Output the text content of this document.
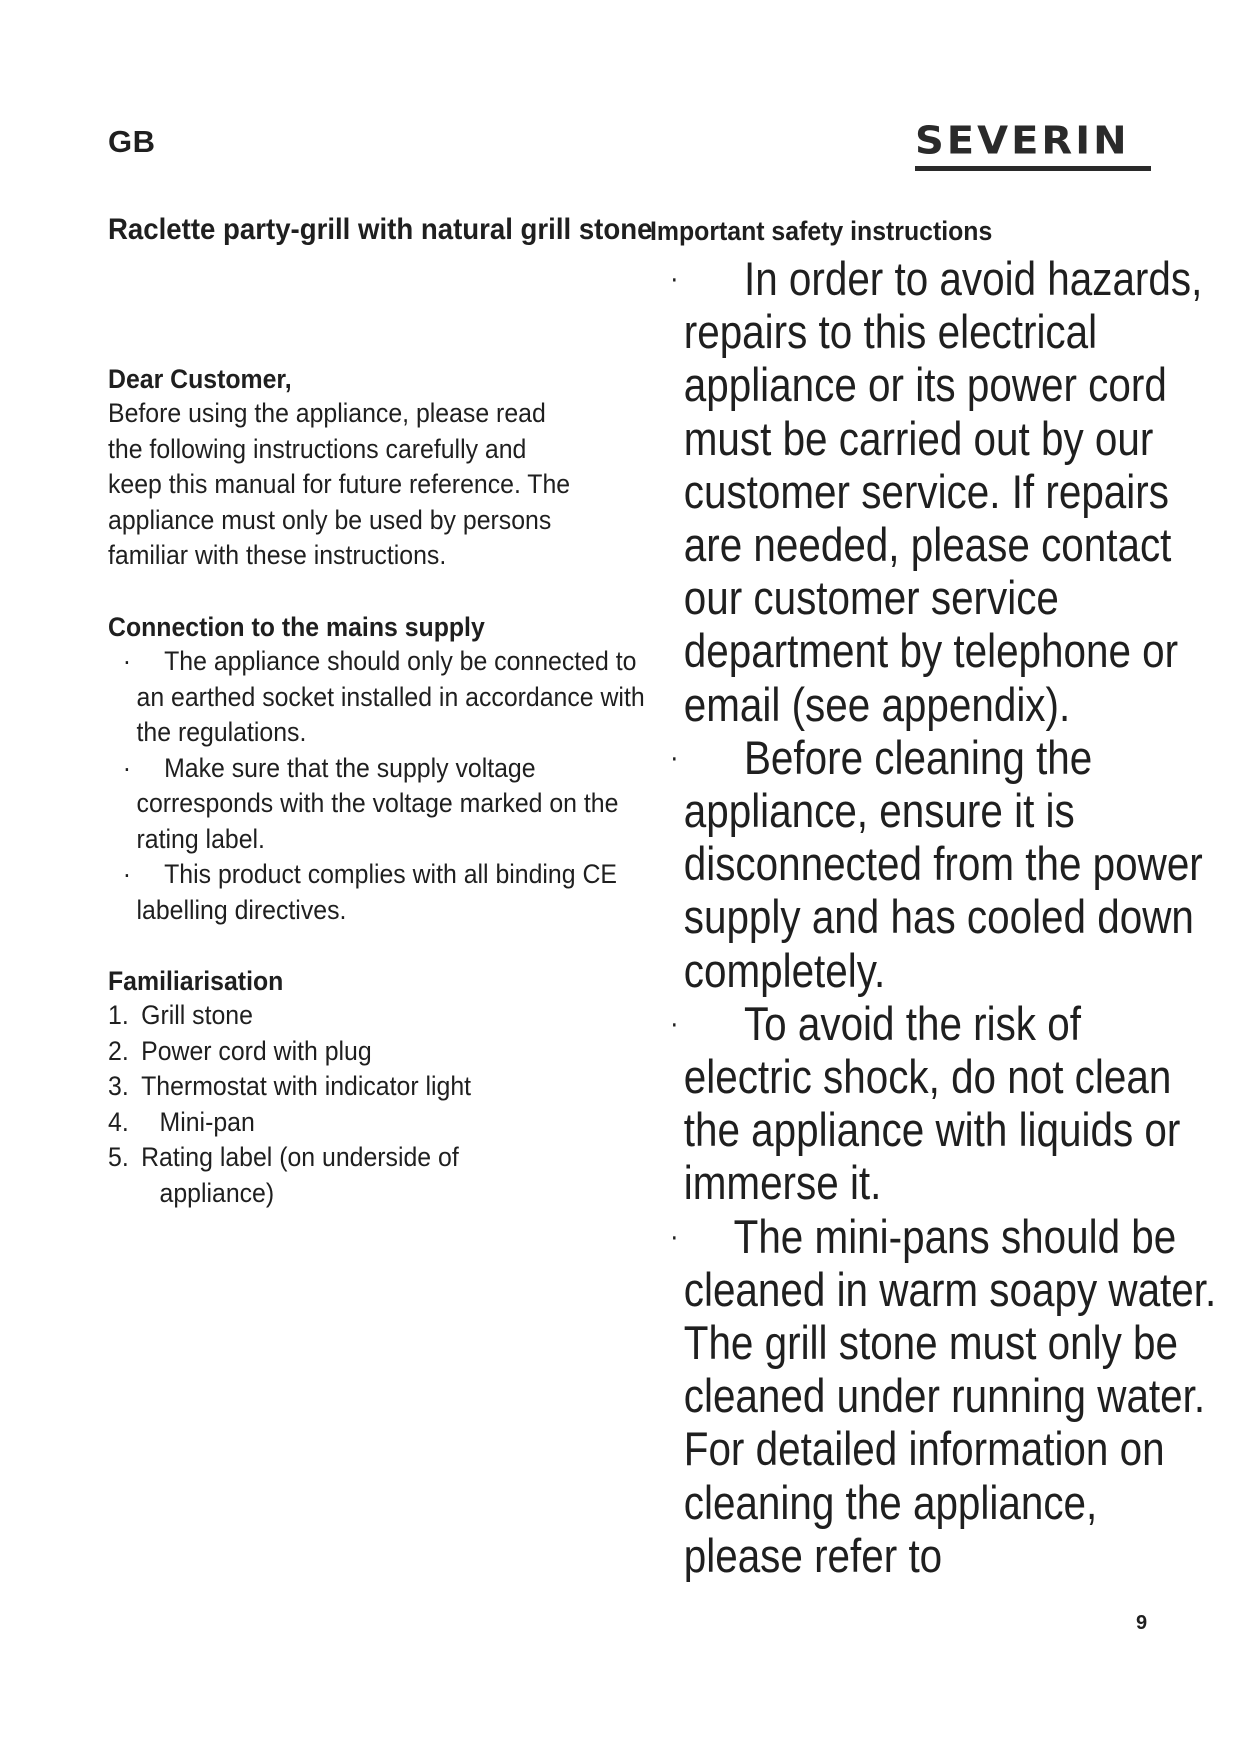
GB	SEVERIN
Raclette party-grill with natural grill stone

Dear Customer,

Before using the appliance, please read the following instructions carefully and keep this manual for future reference. The appliance must only be used by persons familiar with these instructions.

Connection to the mains supply

· The appliance should only be connected to an earthed socket installed in accordance with the regulations.
· Make sure that the supply voltage corresponds with the voltage marked on the rating label.
· This product complies with all binding CE labelling directives.

Familiarisation

1. Grill stone
2. Power cord with plug
3. Thermostat with indicator light
4. Mini-pan
5. Rating label (on underside of
appliance)
Important safety instructions
· In order to avoid hazards, repairs to this electrical appliance or its power cord must be carried out by our customer service. If repairs are needed, please contact our customer service department by telephone or email (see appendix).
· Before cleaning the appliance, ensure it is disconnected from the power supply and has cooled down completely.
· To avoid the risk of electric shock, do not clean the appliance with liquids or immerse it.
· The mini-pans should be cleaned in warm soapy water. The grill stone must only be cleaned under running water. For detailed information on cleaning the appliance, please refer to
9
